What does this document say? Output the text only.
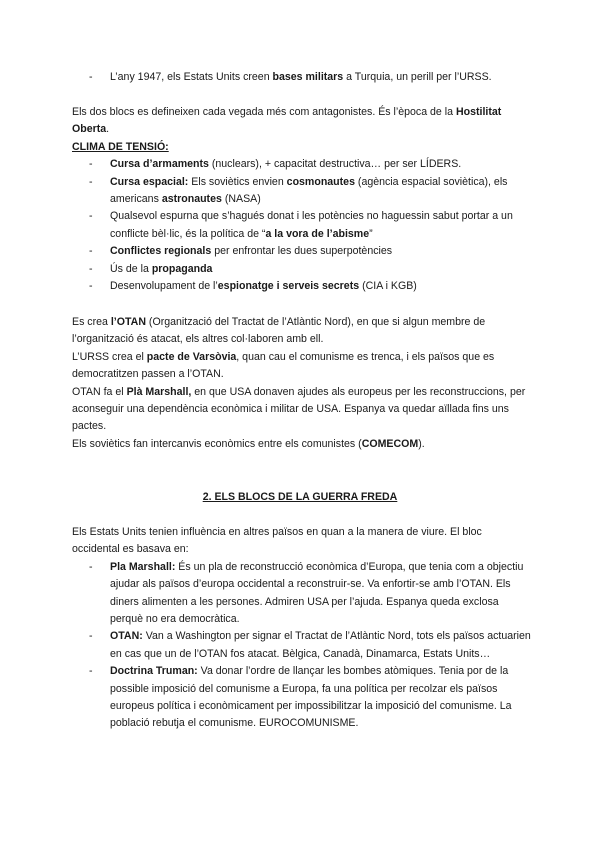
- L’any 1947, els Estats Units creen bases militars a Turquia, un perill per l’URSS.

Els dos blocs es defineixen cada vegada més com antagonistes. És l’època de la Hostilitat Oberta.

CLIMA DE TENSIÓ:

- Cursa d’armaments (nuclears), + capacitat destructiva… per ser LÍDERS.
- Cursa espacial: Els soviètics envien cosmonautes (agència espacial soviètica), els americans astronautes (NASA)
- Qualsevol espurna que s’hagués donat i les potències no haguessin sabut portar a un conflicte bèl·lic, és la política de “a la vora de l’abisme”
- Conflictes regionals per enfrontar les dues superpotències
- Ús de la propaganda
- Desenvolupament de l’espionatge i serveis secrets (CIA i KGB)

Es crea l’OTAN (Organització del Tractat de l’Atlàntic Nord), en que si algun membre de l’organització és atacat, els altres col·laboren amb ell.

L’URSS crea el pacte de Varsòvia, quan cau el comunisme es trenca, i els països que es democratitzen passen a l’OTAN.

OTAN fa el Plà Marshall, en que USA donaven ajudes als europeus per les reconstruccions, per aconseguir una dependència econòmica i militar de USA. Espanya va quedar aïllada fins uns pactes.

Els soviètics fan intercanvis econòmics entre els comunistes (COMECOM).

2. ELS BLOCS DE LA GUERRA FREDA

Els Estats Units tenien influència en altres països en quan a la manera de viure. El bloc occidental es basava en:

- Pla Marshall: És un pla de reconstrucció econòmica d’Europa, que tenia com a objectiu ajudar als països d’europa occidental a reconstruir-se. Va enfortir-se amb l’OTAN. Els diners alimenten a les persones. Admiren USA per l’ajuda. Espanya queda exclosa perquè no era democràtica.
- OTAN: Van a Washington per signar el Tractat de l’Atlàntic Nord, tots els països actuarien en cas que un de l’OTAN fos atacat. Bèlgica, Canadà, Dinamarca, Estats Units…
- Doctrina Truman: Va donar l’ordre de llançar les bombes atòmiques. Tenia por de la possible imposició del comunisme a Europa, fa una política per recolzar els països europeus política i econòmicament per impossibilitzar la imposició del comunisme. La població rebutja el comunisme. EUROCOMUNISME.
